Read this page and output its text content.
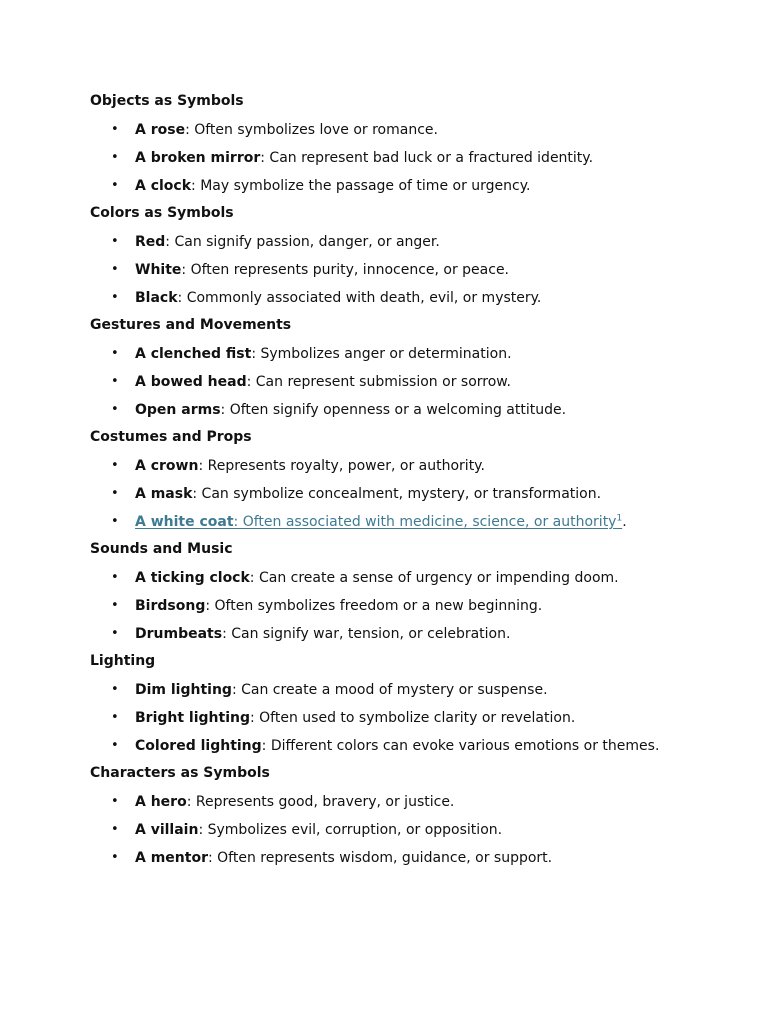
Objects as Symbols
• A rose: Often symbolizes love or romance.
• A broken mirror: Can represent bad luck or a fractured identity.
• A clock: May symbolize the passage of time or urgency.
Colors as Symbols
• Red: Can signify passion, danger, or anger.
• White: Often represents purity, innocence, or peace.
• Black: Commonly associated with death, evil, or mystery.
Gestures and Movements
• A clenched fist: Symbolizes anger or determination.
• A bowed head: Can represent submission or sorrow.
• Open arms: Often signify openness or a welcoming attitude.
Costumes and Props
• A crown: Represents royalty, power, or authority.
• A mask: Can symbolize concealment, mystery, or transformation.
• A white coat: Often associated with medicine, science, or authority$^1$.
Sounds and Music
• A ticking clock: Can create a sense of urgency or impending doom.
• Birdsong: Often symbolizes freedom or a new beginning.
• Drumbeats: Can signify war, tension, or celebration.
Lighting
• Dim lighting: Can create a mood of mystery or suspense.
• Bright lighting: Often used to symbolize clarity or revelation.
• Colored lighting: Different colors can evoke various emotions or themes.
Characters as Symbols
• A hero: Represents good, bravery, or justice.
• A villain: Symbolizes evil, corruption, or opposition.
• A mentor: Often represents wisdom, guidance, or support.
